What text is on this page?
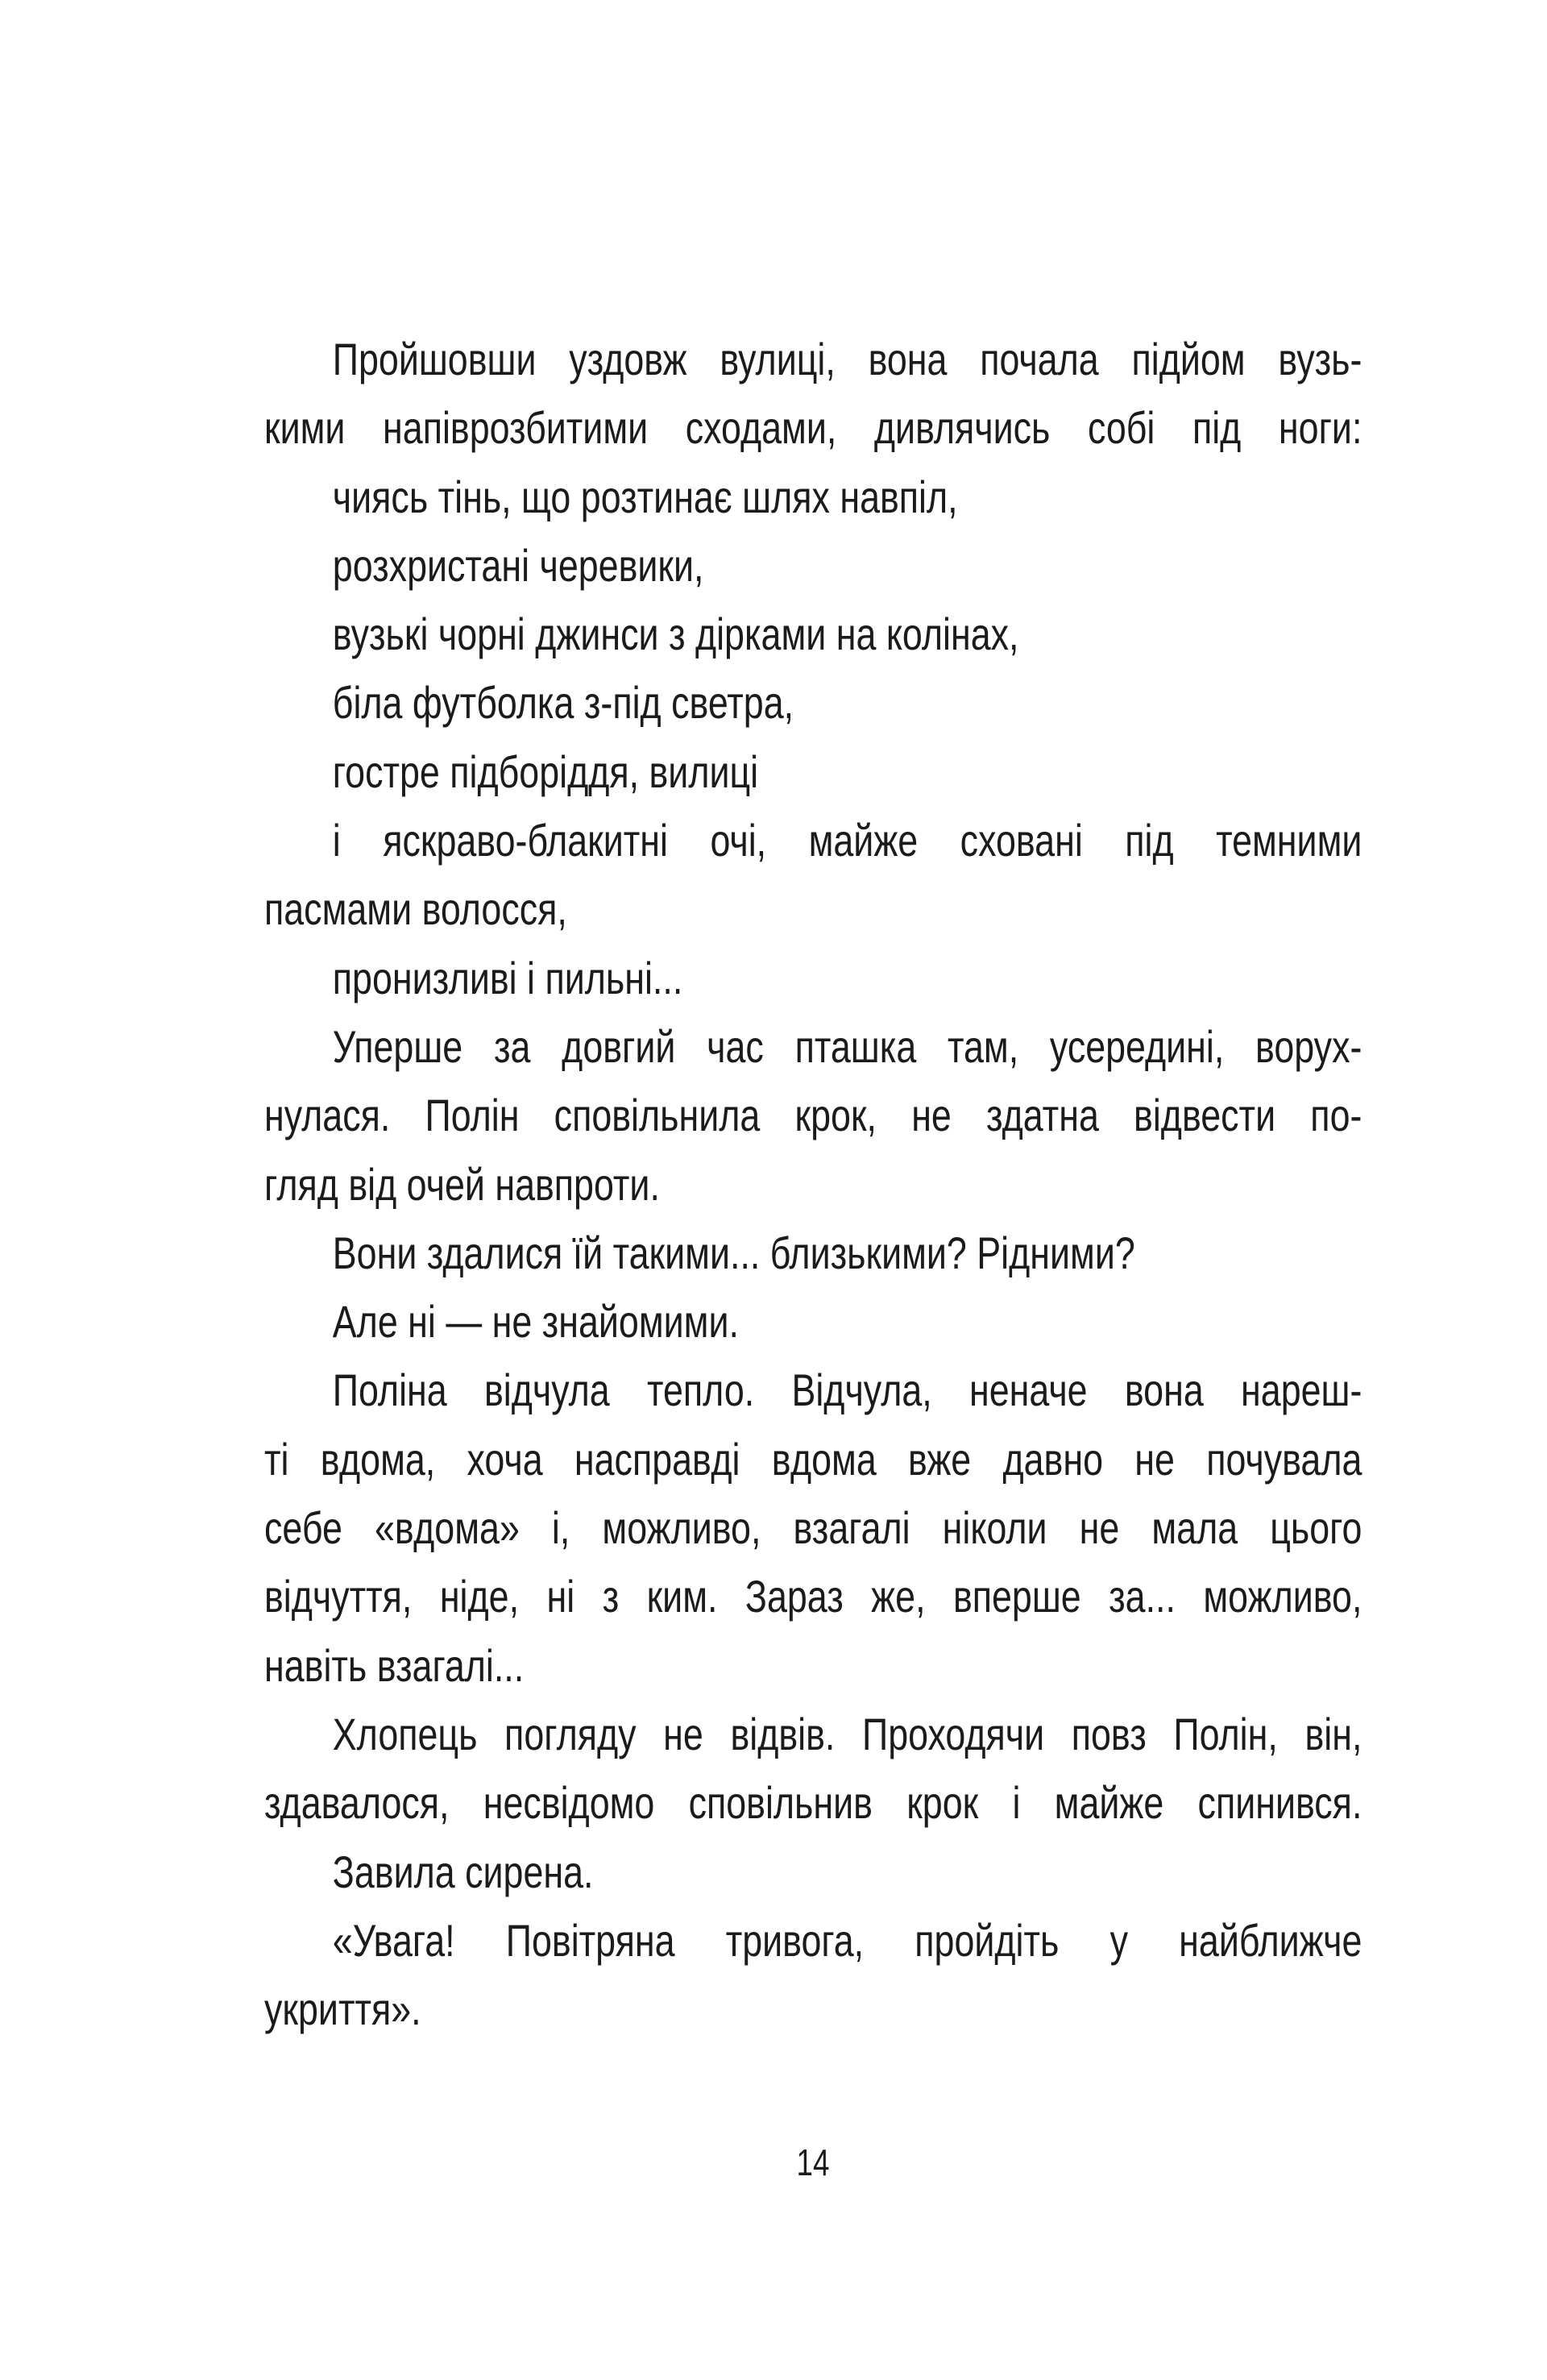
Пройшовши уздовж вулиці, вона почала підйом вузь-
кими напіврозбитими сходами, дивлячись собі під ноги:
чиясь тінь, що розтинає шлях навпіл,
розхристані черевики,
вузькі чорні джинси з дірками на колінах,
біла футболка з-під светра,
гостре підборіддя, вилиці
і яскраво-блакитні очі, майже сховані під темними
пасмами волосся,
пронизливі і пильні...
Уперше за довгий час пташка там, усередині, ворух-
нулася. Полін сповільнила крок, не здатна відвести по-
гляд від очей навпроти.
Вони здалися їй такими... близькими? Рідними?
Але ні — не знайомими.
Поліна відчула тепло. Відчула, неначе вона нареш-
ті вдома, хоча насправді вдома вже давно не почувала
себе «вдома» і, можливо, взагалі ніколи не мала цього
відчуття, ніде, ні з ким. Зараз же, вперше за... можливо,
навіть взагалі...
Хлопець погляду не відвів. Проходячи повз Полін, він,
здавалося, несвідомо сповільнив крок і майже спинився.
Завила сирена.
«Увага! Повітряна тривога, пройдіть у найближче
укриття».
14
